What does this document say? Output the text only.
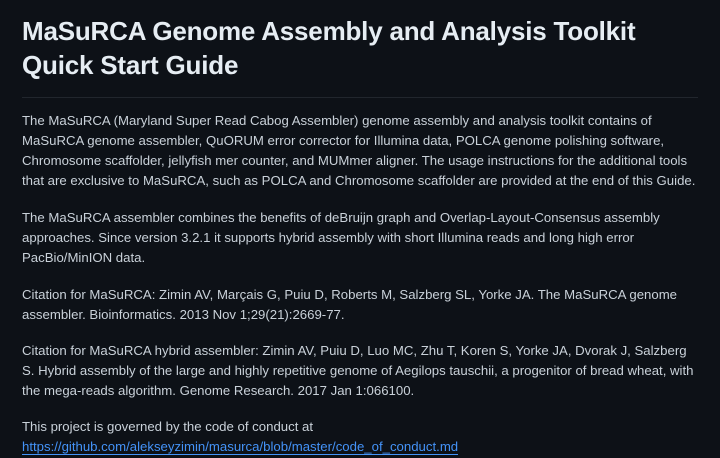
MaSuRCA Genome Assembly and Analysis Toolkit Quick Start Guide

The MaSuRCA (Maryland Super Read Cabog Assembler) genome assembly and analysis toolkit contains of MaSuRCA genome assembler, QuORUM error corrector for Illumina data, POLCA genome polishing software, Chromosome scaffolder, jellyfish mer counter, and MUMmer aligner. The usage instructions for the additional tools that are exclusive to MaSuRCA, such as POLCA and Chromosome scaffolder are provided at the end of this Guide.

The MaSuRCA assembler combines the benefits of deBruijn graph and Overlap-Layout-Consensus assembly approaches. Since version 3.2.1 it supports hybrid assembly with short Illumina reads and long high error PacBio/MinION data.

Citation for MaSuRCA: Zimin AV, Marçais G, Puiu D, Roberts M, Salzberg SL, Yorke JA. The MaSuRCA genome assembler. Bioinformatics. 2013 Nov 1;29(21):2669-77.

Citation for MaSuRCA hybrid assembler: Zimin AV, Puiu D, Luo MC, Zhu T, Koren S, Yorke JA, Dvorak J, Salzberg S. Hybrid assembly of the large and highly repetitive genome of Aegilops tauschii, a progenitor of bread wheat, with the mega-reads algorithm. Genome Research. 2017 Jan 1:066100.

This project is governed by the code of conduct at
https://github.com/alekseyzimin/masurca/blob/master/code_of_conduct.md
